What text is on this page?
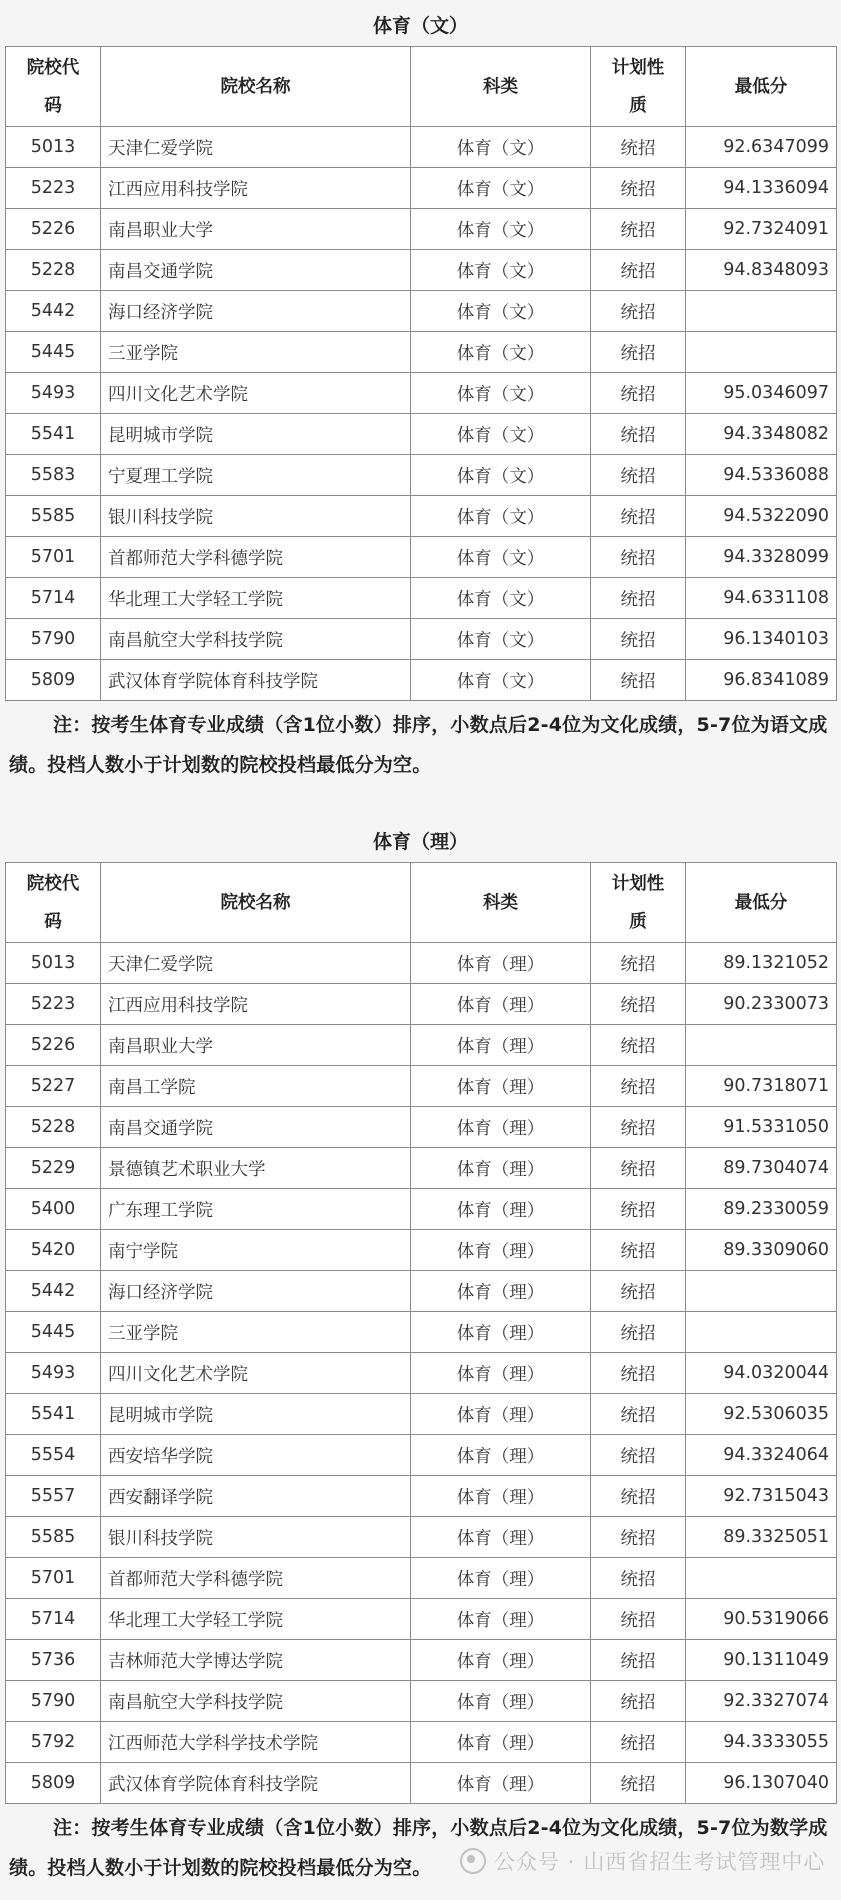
体育（文）
院校代码	院校名称	科类	计划性质	最低分
5013	天津仁爱学院	体育（文）	统招	92.6347099
5223	江西应用科技学院	体育（文）	统招	94.1336094
5226	南昌职业大学	体育（文）	统招	92.7324091
5228	南昌交通学院	体育（文）	统招	94.8348093
5442	海口经济学院	体育（文）	统招	
5445	三亚学院	体育（文）	统招	
5493	四川文化艺术学院	体育（文）	统招	95.0346097
5541	昆明城市学院	体育（文）	统招	94.3348082
5583	宁夏理工学院	体育（文）	统招	94.5336088
5585	银川科技学院	体育（文）	统招	94.5322090
5701	首都师范大学科德学院	体育（文）	统招	94.3328099
5714	华北理工大学轻工学院	体育（文）	统招	94.6331108
5790	南昌航空大学科技学院	体育（文）	统招	96.1340103
5809	武汉体育学院体育科技学院	体育（文）	统招	96.8341089
注：按考生体育专业成绩（含1位小数）排序，小数点后2-4位为文化成绩，5-7位为语文成绩。投档人数小于计划数的院校投档最低分为空。
体育（理）
院校代码	院校名称	科类	计划性质	最低分
5013	天津仁爱学院	体育（理）	统招	89.1321052
5223	江西应用科技学院	体育（理）	统招	90.2330073
5226	南昌职业大学	体育（理）	统招	
5227	南昌工学院	体育（理）	统招	90.7318071
5228	南昌交通学院	体育（理）	统招	91.5331050
5229	景德镇艺术职业大学	体育（理）	统招	89.7304074
5400	广东理工学院	体育（理）	统招	89.2330059
5420	南宁学院	体育（理）	统招	89.3309060
5442	海口经济学院	体育（理）	统招	
5445	三亚学院	体育（理）	统招	
5493	四川文化艺术学院	体育（理）	统招	94.0320044
5541	昆明城市学院	体育（理）	统招	92.5306035
5554	西安培华学院	体育（理）	统招	94.3324064
5557	西安翻译学院	体育（理）	统招	92.7315043
5585	银川科技学院	体育（理）	统招	89.3325051
5701	首都师范大学科德学院	体育（理）	统招	
5714	华北理工大学轻工学院	体育（理）	统招	90.5319066
5736	吉林师范大学博达学院	体育（理）	统招	90.1311049
5790	南昌航空大学科技学院	体育（理）	统招	92.3327074
5792	江西师范大学科学技术学院	体育（理）	统招	94.3333055
5809	武汉体育学院体育科技学院	体育（理）	统招	96.1307040
注：按考生体育专业成绩（含1位小数）排序，小数点后2-4位为文化成绩，5-7位为数学成绩。投档人数小于计划数的院校投档最低分为空。	公众号 · 山西省招生考试管理中心
